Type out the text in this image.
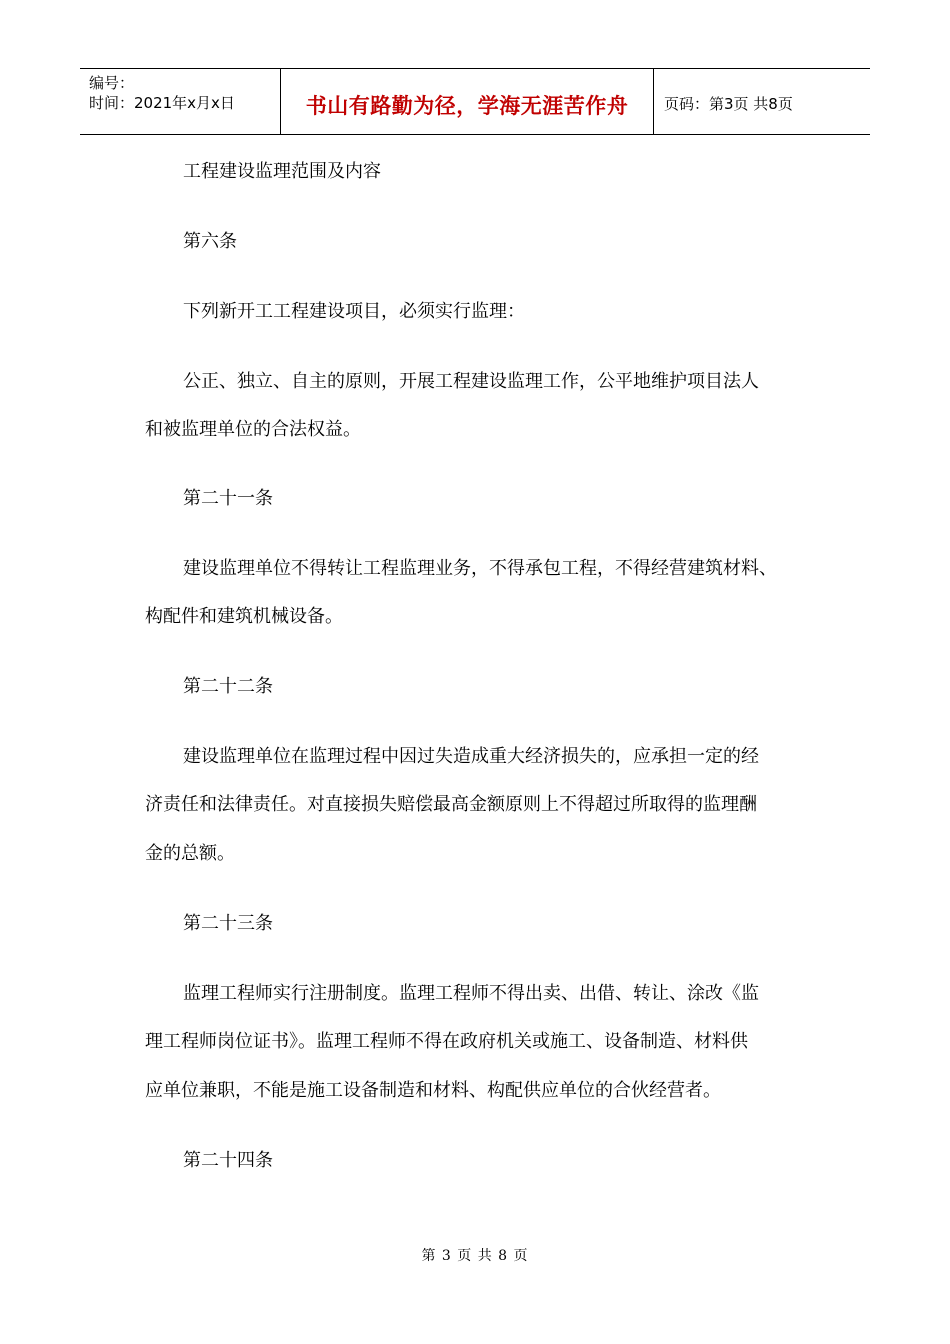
编号：
时间：2021年x月x日	书山有路勤为径，学海无涯苦作舟 页码：第3页 共8页
工程建设监理范围及内容
第六条
下列新开工工程建设项目，必须实行监理：
公正、独立、自主的原则，开展工程建设监理工作，公平地维护项目法人
和被监理单位的合法权益。
第二十一条
建设监理单位不得转让工程监理业务，不得承包工程，不得经营建筑材料、
构配件和建筑机械设备。
第二十二条
建设监理单位在监理过程中因过失造成重大经济损失的，应承担一定的经
济责任和法律责任。对直接损失赔偿最高金额原则上不得超过所取得的监理酬
金的总额。
第二十三条
监理工程师实行注册制度。监理工程师不得出卖、出借、转让、涂改《监
理工程师岗位证书》。监理工程师不得在政府机关或施工、设备制造、材料供
应单位兼职，不能是施工设备制造和材料、构配供应单位的合伙经营者。
第二十四条
第 3 页 共 8 页
